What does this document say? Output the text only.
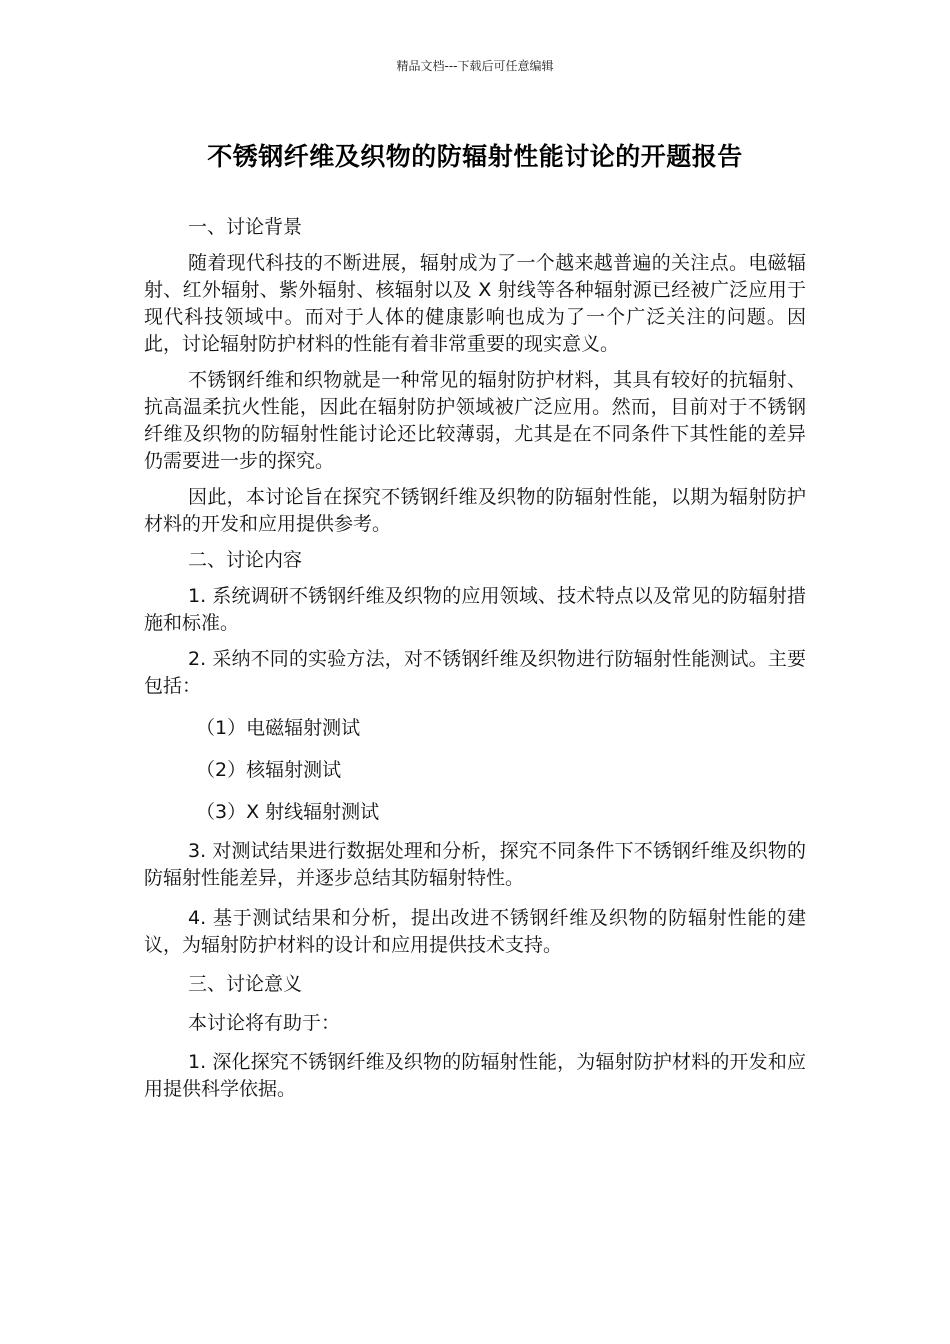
精品文档---下载后可任意编辑
不锈钢纤维及织物的防辐射性能讨论的开题报告

一、讨论背景

随着现代科技的不断进展，辐射成为了一个越来越普遍的关注点。电磁辐射、红外辐射、紫外辐射、核辐射以及 X 射线等各种辐射源已经被广泛应用于现代科技领域中。而对于人体的健康影响也成为了一个广泛关注的问题。因此，讨论辐射防护材料的性能有着非常重要的现实意义。

不锈钢纤维和织物就是一种常见的辐射防护材料，其具有较好的抗辐射、抗高温柔抗火性能，因此在辐射防护领域被广泛应用。然而，目前对于不锈钢纤维及织物的防辐射性能讨论还比较薄弱，尤其是在不同条件下其性能的差异仍需要进一步的探究。

因此，本讨论旨在探究不锈钢纤维及织物的防辐射性能，以期为辐射防护材料的开发和应用提供参考。

二、讨论内容

1. 系统调研不锈钢纤维及织物的应用领域、技术特点以及常见的防辐射措施和标准。

2. 采纳不同的实验方法，对不锈钢纤维及织物进行防辐射性能测试。主要包括：

（1）电磁辐射测试

（2）核辐射测试

（3）X 射线辐射测试

3. 对测试结果进行数据处理和分析，探究不同条件下不锈钢纤维及织物的防辐射性能差异，并逐步总结其防辐射特性。

4. 基于测试结果和分析，提出改进不锈钢纤维及织物的防辐射性能的建议，为辐射防护材料的设计和应用提供技术支持。

三、讨论意义

本讨论将有助于：

1. 深化探究不锈钢纤维及织物的防辐射性能，为辐射防护材料的开发和应用提供科学依据。
